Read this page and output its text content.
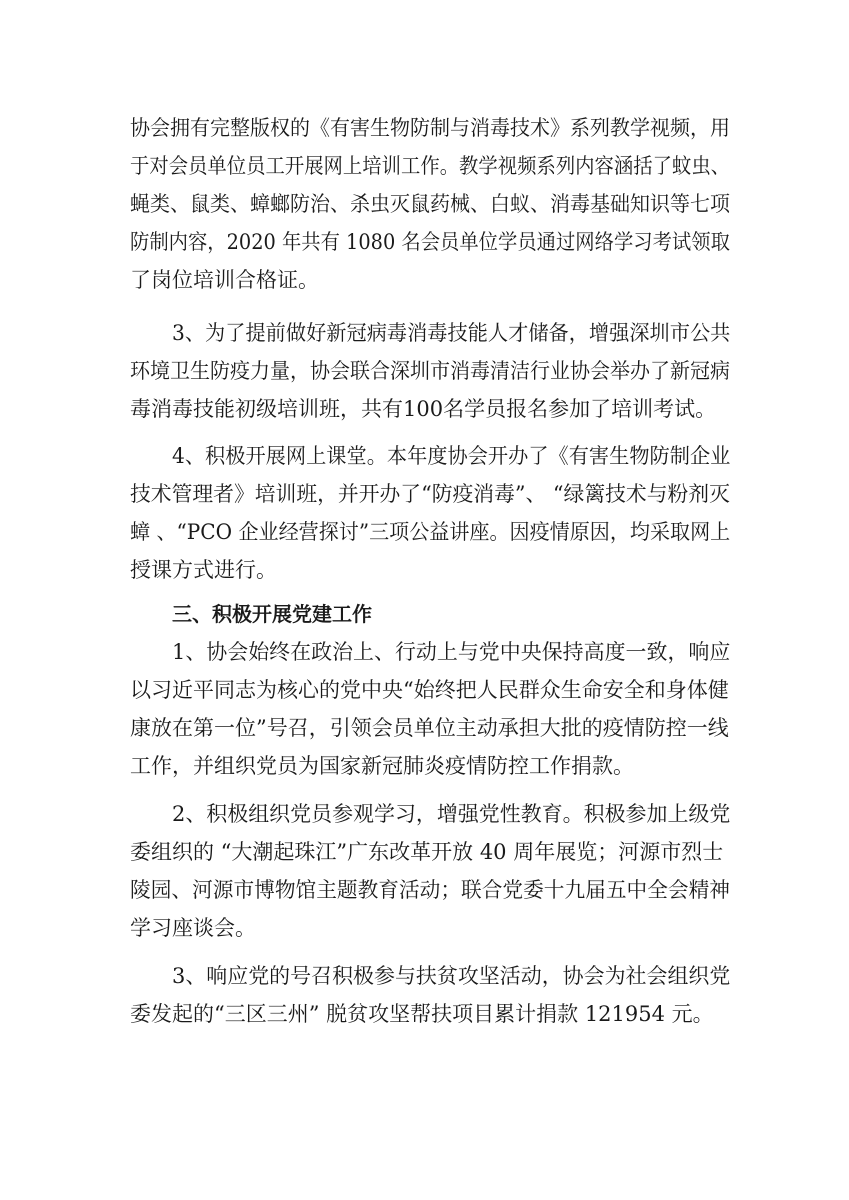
协会拥有完整版权的《有害生物防制与消毒技术》系列教学视频，用
于对会员单位员工开展网上培训工作。教学视频系列内容涵括了蚊虫、
蝇类、鼠类、蟑螂防治、杀虫灭鼠药械、白蚁、消毒基础知识等七项
防制内容，2020 年共有 1080 名会员单位学员通过网络学习考试领取
了岗位培训合格证。
3、为了提前做好新冠病毒消毒技能人才储备，增强深圳市公共
环境卫生防疫力量，协会联合深圳市消毒清洁行业协会举办了新冠病
毒消毒技能初级培训班，共有100名学员报名参加了培训考试。
4、积极开展网上课堂。本年度协会开办了《有害生物防制企业
技术管理者》培训班，并开办了“防疫消毒”、 “绿篱技术与粉剂灭
蟑 、“PCO 企业经营探讨”三项公益讲座。因疫情原因，均采取网上
授课方式进行。
三、积极开展党建工作
1、协会始终在政治上、行动上与党中央保持高度一致，响应
以习近平同志为核心的党中央“始终把人民群众生命安全和身体健
康放在第一位”号召，引领会员单位主动承担大批的疫情防控一线
工作，并组织党员为国家新冠肺炎疫情防控工作捐款。
2、积极组织党员参观学习，增强党性教育。积极参加上级党
委组织的 “大潮起珠江”广东改革开放 40 周年展览；河源市烈士
陵园、河源市博物馆主题教育活动；联合党委十九届五中全会精神
学习座谈会。
3、响应党的号召积极参与扶贫攻坚活动，协会为社会组织党
委发起的“三区三州” 脱贫攻坚帮扶项目累计捐款 121954 元。
